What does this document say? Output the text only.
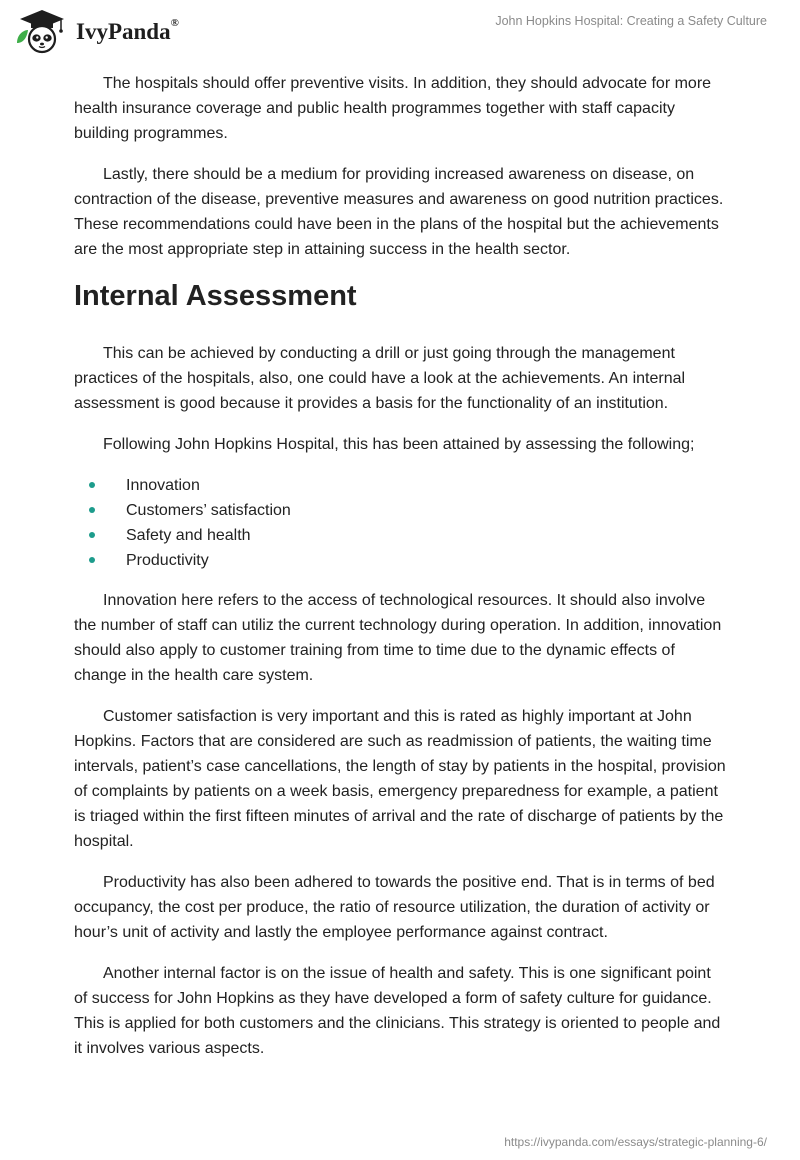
IvyPanda®	John Hopkins Hospital: Creating a Safety Culture

The hospitals should offer preventive visits. In addition, they should advocate for more health insurance coverage and public health programmes together with staff capacity building programmes.

Lastly, there should be a medium for providing increased awareness on disease, on contraction of the disease, preventive measures and awareness on good nutrition practices. These recommendations could have been in the plans of the hospital but the achievements are the most appropriate step in attaining success in the health sector.

Internal Assessment

This can be achieved by conducting a drill or just going through the management practices of the hospitals, also, one could have a look at the achievements. An internal assessment is good because it provides a basis for the functionality of an institution.

Following John Hopkins Hospital, this has been attained by assessing the following;

Innovation
Customers’ satisfaction
Safety and health
Productivity

Innovation here refers to the access of technological resources. It should also involve the number of staff can utiliz the current technology during operation. In addition, innovation should also apply to customer training from time to time due to the dynamic effects of change in the health care system.

Customer satisfaction is very important and this is rated as highly important at John Hopkins. Factors that are considered are such as readmission of patients, the waiting time intervals, patient’s case cancellations, the length of stay by patients in the hospital, provision of complaints by patients on a week basis, emergency preparedness for example, a patient is triaged within the first fifteen minutes of arrival and the rate of discharge of patients by the hospital.

Productivity has also been adhered to towards the positive end. That is in terms of bed occupancy, the cost per produce, the ratio of resource utilization, the duration of activity or hour’s unit of activity and lastly the employee performance against contract.

Another internal factor is on the issue of health and safety. This is one significant point of success for John Hopkins as they have developed a form of safety culture for guidance. This is applied for both customers and the clinicians. This strategy is oriented to people and it involves various aspects.

https://ivypanda.com/essays/strategic-planning-6/
